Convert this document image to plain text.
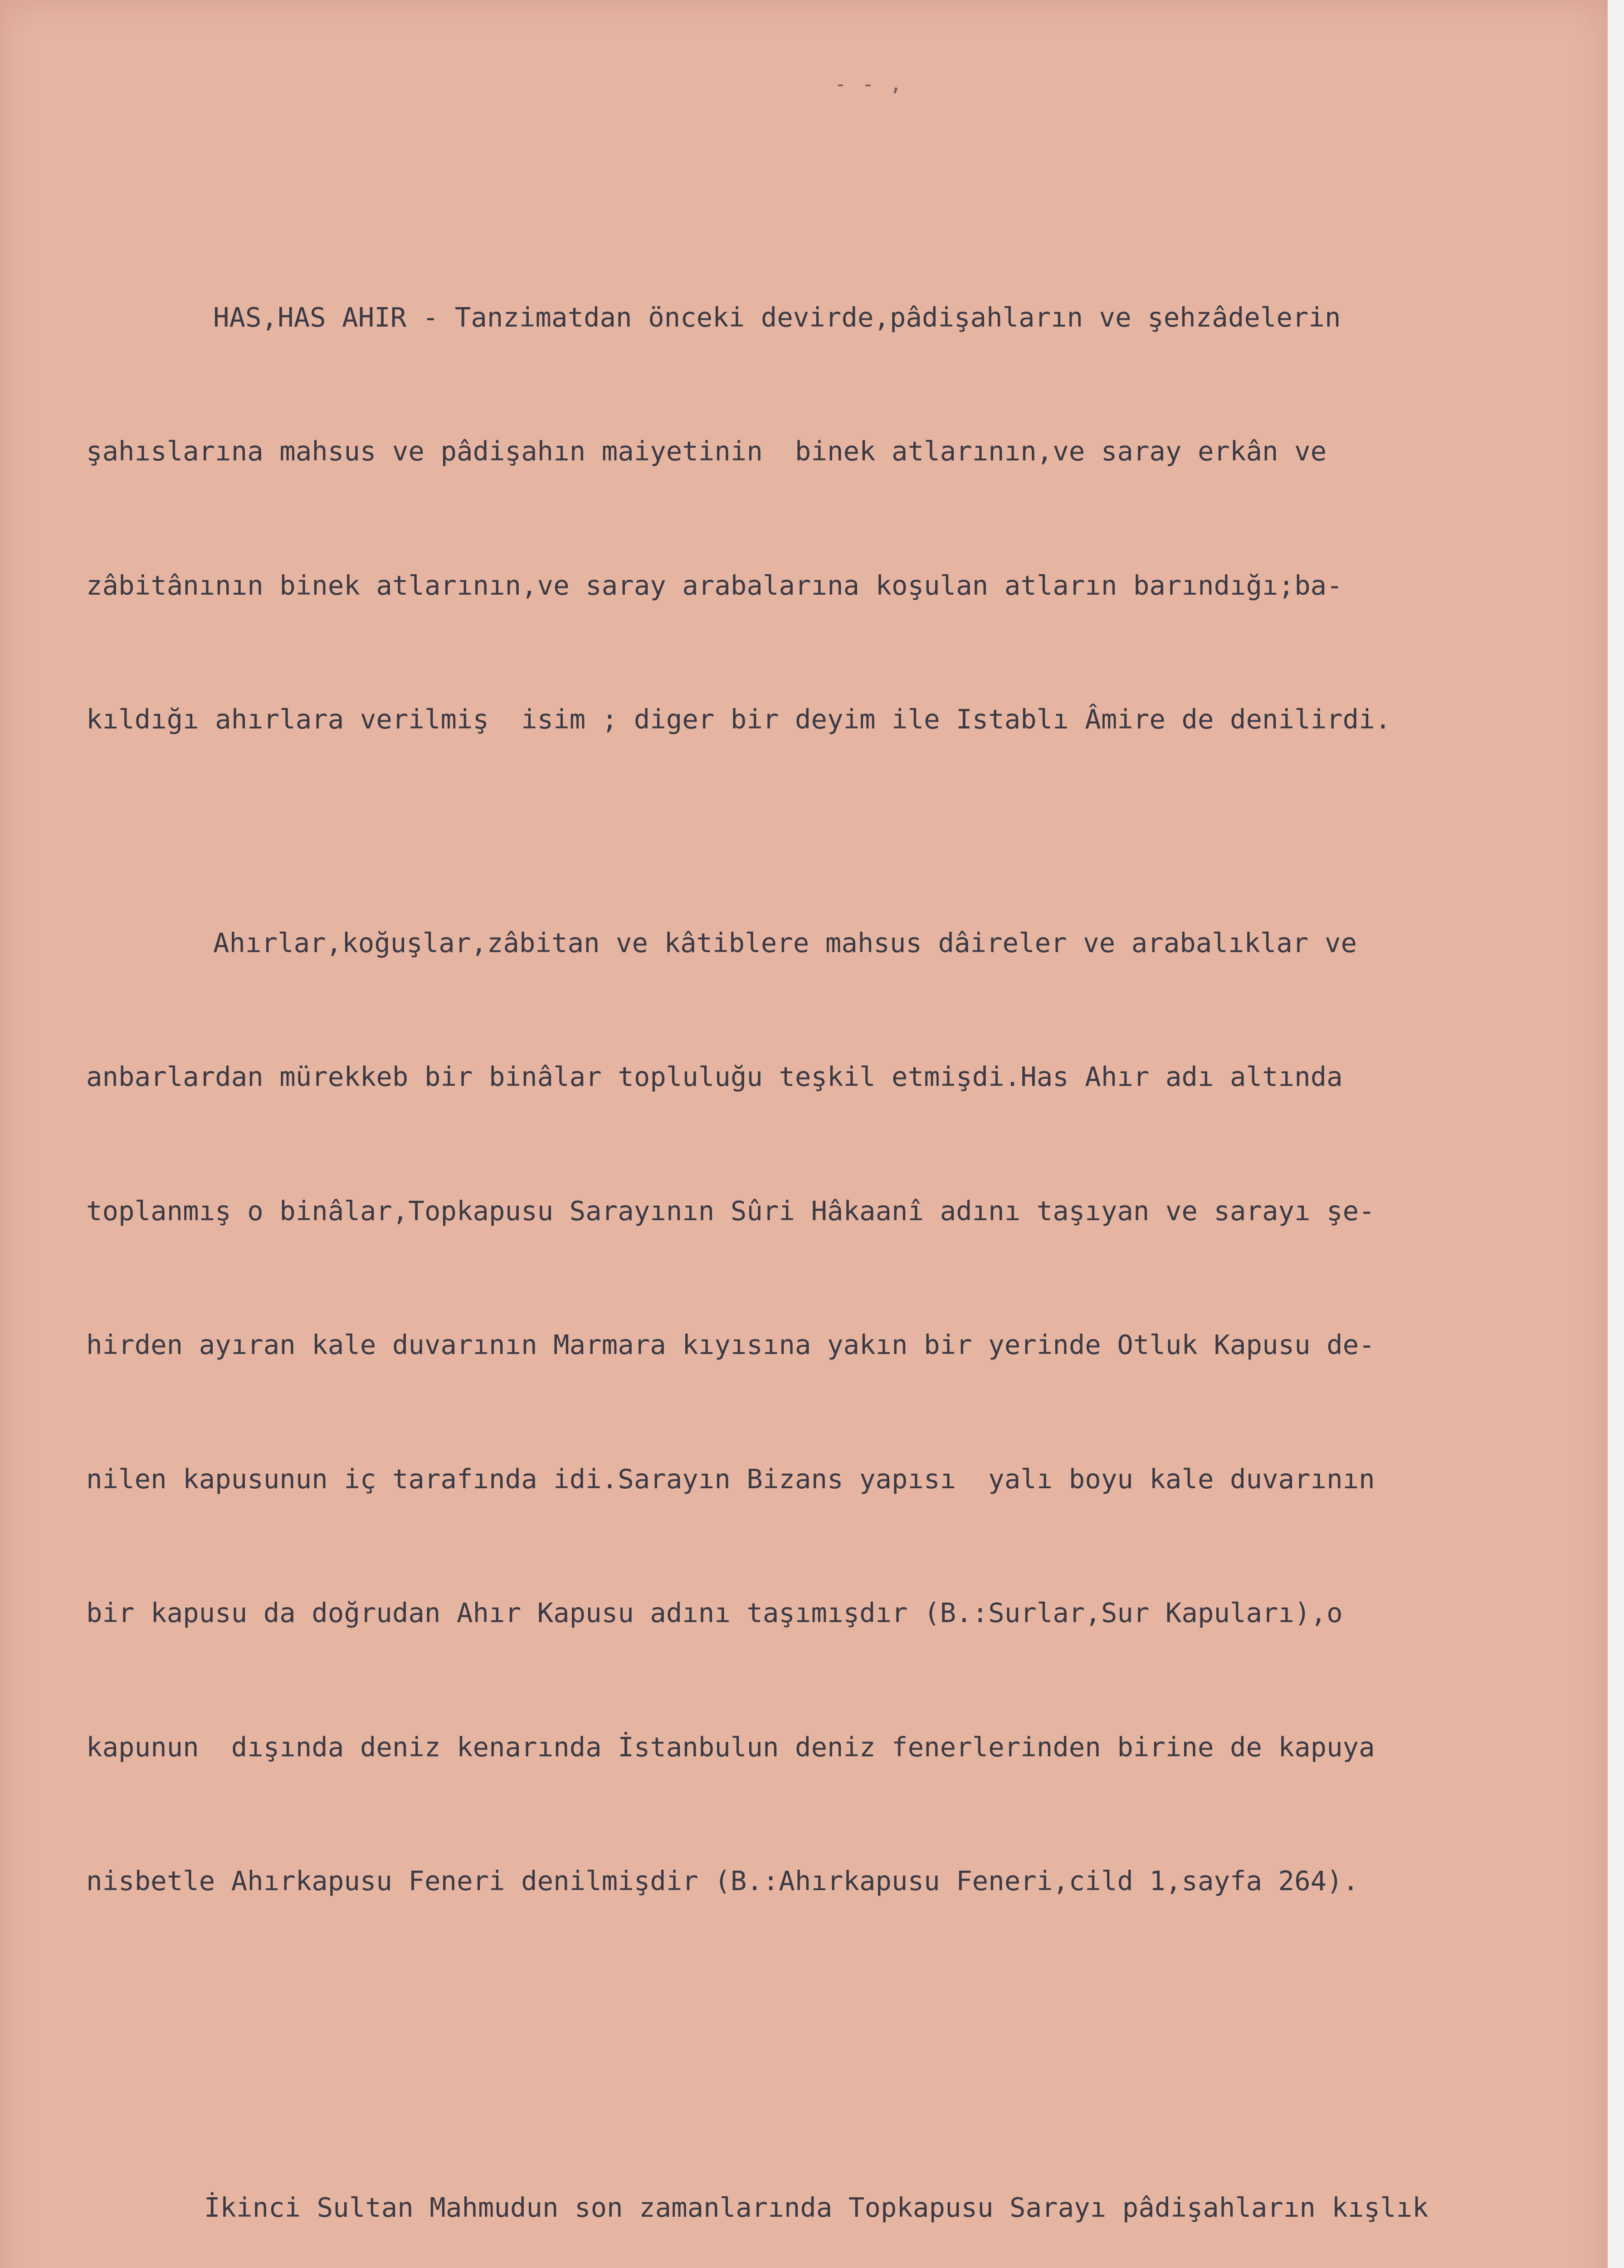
- - ,

HAS,HAS AHIR - Tanzimatdan önceki devirde,pâdişahların ve şehzâdelerin

şahıslarına mahsus ve pâdişahın maiyetinin  binek atlarının,ve saray erkân ve

zâbitânının binek atlarının,ve saray arabalarına koşulan atların barındığı;ba-

kıldığı ahırlara verilmiş  isim ; diger bir deyim ile Istablı Âmire de denilirdi.

Ahırlar,koğuşlar,zâbitan ve kâtiblere mahsus dâireler ve arabalıklar ve

anbarlardan mürekkeb bir binâlar topluluğu teşkil etmişdi.Has Ahır adı altında

toplanmış o binâlar,Topkapusu Sarayının Sûri Hâkaanî adını taşıyan ve sarayı şe-

hirden ayıran kale duvarının Marmara kıyısına yakın bir yerinde Otluk Kapusu de-

nilen kapusunun iç tarafında idi.Sarayın Bizans yapısı  yalı boyu kale duvarının

bir kapusu da doğrudan Ahır Kapusu adını taşımışdır (B.:Surlar,Sur Kapuları),o

kapunun  dışında deniz kenarında İstanbulun deniz fenerlerinden birine de kapuya

nisbetle Ahırkapusu Feneri denilmişdir (B.:Ahırkapusu Feneri,cild 1,sayfa 264).

İkinci Sultan Mahmudun son zamanlarında Topkapusu Sarayı pâdişahların kışlık
